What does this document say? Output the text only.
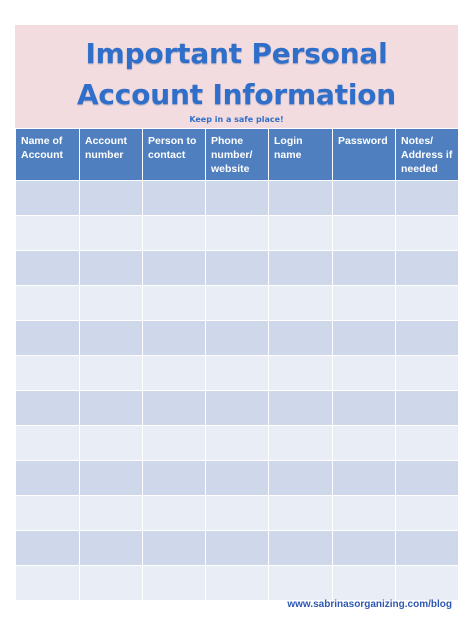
Important Personal
Account Information
Keep in a safe place!
Name of Account	Account number	Person to contact	Phone number/ website	Login name	Password	Notes/ Address if needed

www.sabrinasorganizing.com/blog
